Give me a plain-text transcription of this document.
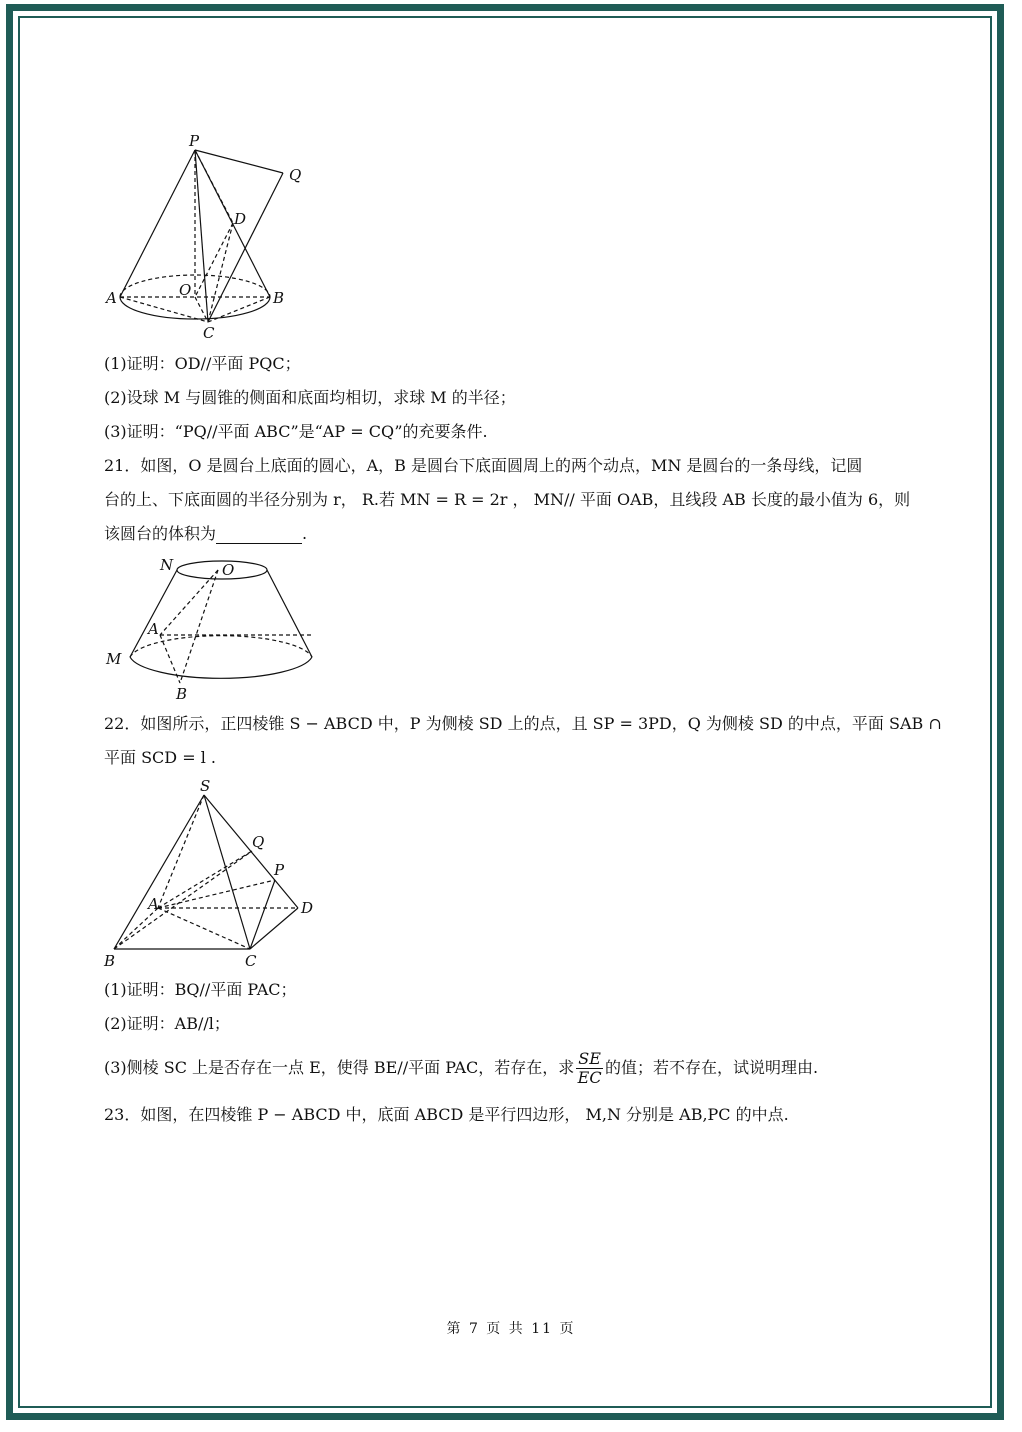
P
Q
D
O
A	B
C
(1)证明：OD//平面 PQC；
(2)设球 M 与圆锥的侧面和底面均相切，求球 M 的半径；
(3)证明：“PQ//平面 ABC”是“AP = CQ”的充要条件.
21．如图，O 是圆台上底面的圆心，A，B 是圆台下底面圆周上的两个动点，MN 是圆台的一条母线，记圆
台的上、下底面圆的半径分别为 r， R.若 MN = R = 2r ， MN// 平面 OAB，且线段 AB 长度的最小值为 6，则
该圆台的体积为	.
N	O
A
M
B
22．如图所示，正四棱锥 S − ABCD 中，P 为侧棱 SD 上的点，且 SP = 3PD，Q 为侧棱 SD 的中点，平面 SAB ∩
平面 SCD = l .
S
Q
P
A	D
B	C
(1)证明：BQ//平面 PAC；
(2)证明：AB//l；
(3)侧棱 SC 上是否存在一点 E，使得 BE//平面 PAC，若存在，求 $\frac{SE}{EC}$ 的值；若不存在，试说明理由.
23．如图，在四棱锥 P − ABCD 中，底面 ABCD 是平行四边形， M,N 分别是 AB,PC 的中点.
第 7 页 共 11 页
